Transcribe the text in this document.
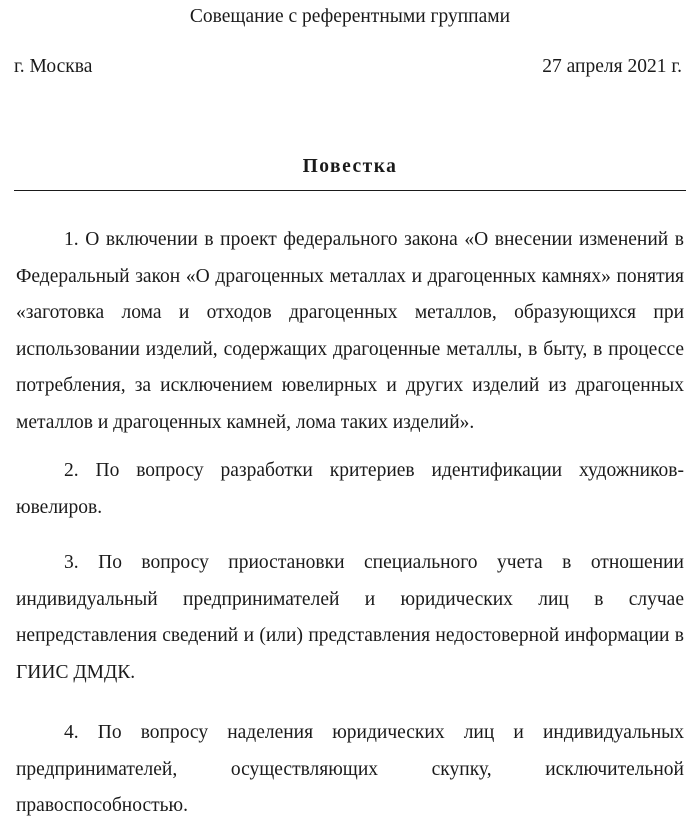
Совещание с референтными группами
г. Москва	27 апреля 2021 г.
Повестка

1. О включении в проект федерального закона «О внесении изменений в Федеральный закон «О драгоценных металлах и драгоценных камнях» понятия «заготовка лома и отходов драгоценных металлов, образующихся при использовании изделий, содержащих драгоценные металлы, в быту, в процессе потребления, за исключением ювелирных и других изделий из драгоценных металлов и драгоценных камней, лома таких изделий».

2. По вопросу разработки критериев идентификации художников-ювелиров.

3. По вопросу приостановки специального учета в отношении индивидуальный предпринимателей и юридических лиц в случае непредставления сведений и (или) представления недостоверной информации в ГИИС ДМДК.

4. По вопросу наделения юридических лиц и индивидуальных предпринимателей, осуществляющих скупку, исключительной правоспособностью.
